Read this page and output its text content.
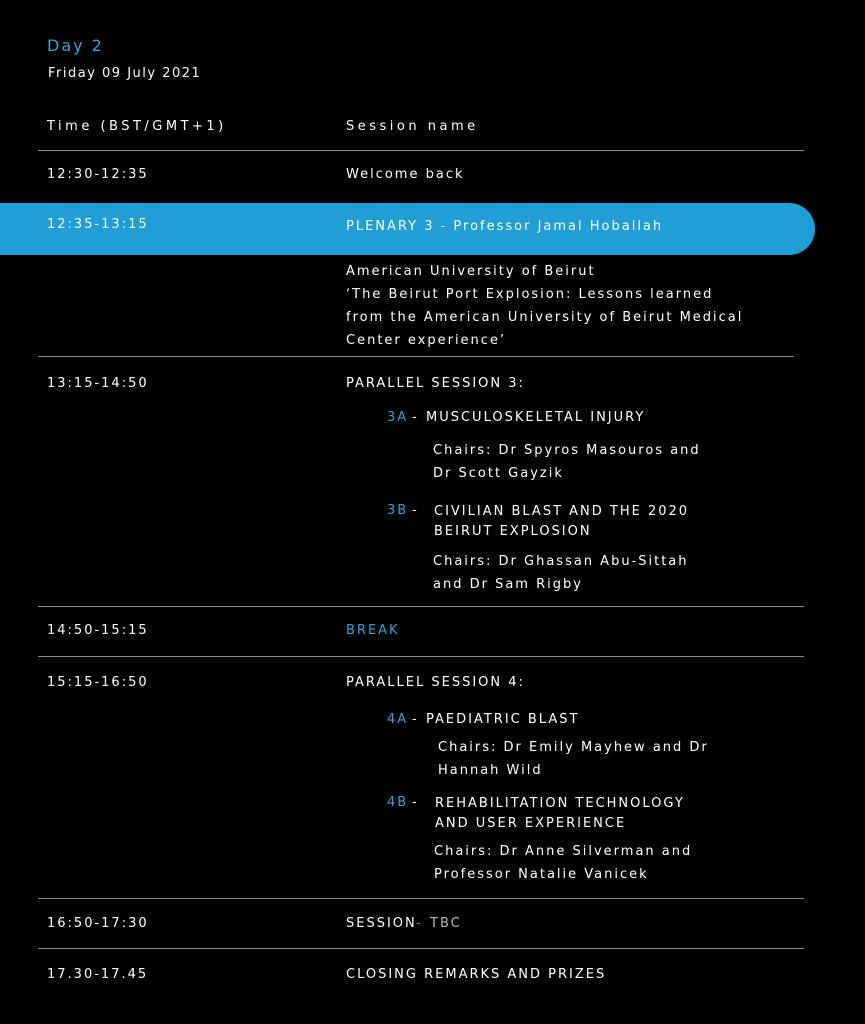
Day 2
Friday 09 July 2021
Time (BST/GMT+1)	Session name
12:30-12:35	Welcome back
12:35-13:15	PLENARY 3 - Professor Jamal Hoballah
American University of Beirut
‘The Beirut Port Explosion: Lessons learned
from the American University of Beirut Medical
Center experience’
13:15-14:50	PARALLEL SESSION 3:
3A - MUSCULOSKELETAL INJURY
Chairs: Dr Spyros Masouros and
Dr Scott Gayzik
3B - CIVILIAN BLAST AND THE 2020
BEIRUT EXPLOSION
Chairs: Dr Ghassan Abu-Sittah
and Dr Sam Rigby
14:50-15:15	BREAK
15:15-16:50	PARALLEL SESSION 4:
4A - PAEDIATRIC BLAST
Chairs: Dr Emily Mayhew and Dr
Hannah Wild
4B - REHABILITATION TECHNOLOGY
AND USER EXPERIENCE
Chairs: Dr Anne Silverman and
Professor Natalie Vanicek
16:50-17:30	SESSION - TBC
17.30-17.45	CLOSING REMARKS AND PRIZES
